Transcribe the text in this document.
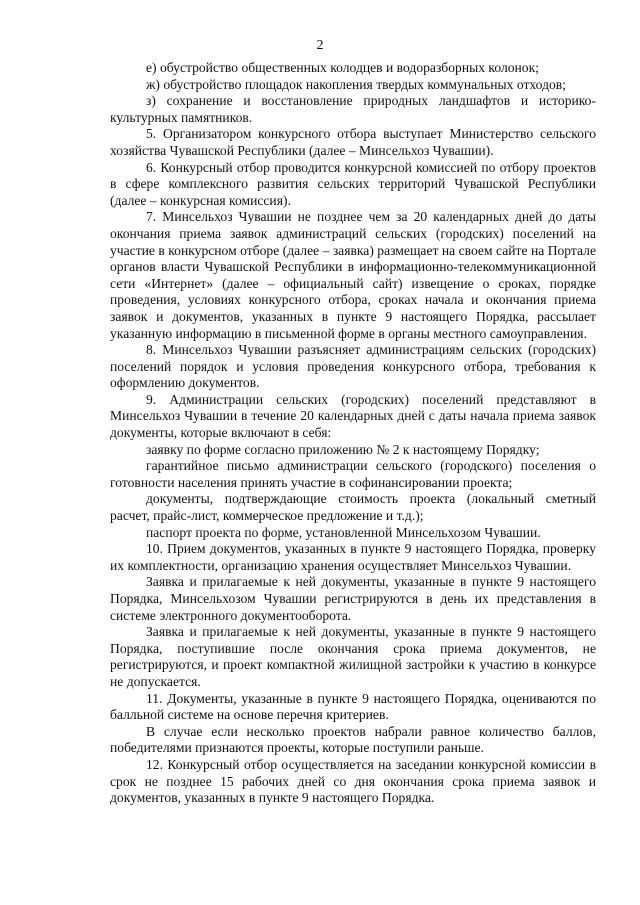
2

е) обустройство общественных колодцев и водоразборных колонок;

ж) обустройство площадок накопления твердых коммунальных отходов;

з) сохранение и восстановление природных ландшафтов и историко-культурных памятников.

5. Организатором конкурсного отбора выступает Министерство сельского хозяйства Чувашской Республики (далее – Минсельхоз Чувашии).

6. Конкурсный отбор проводится конкурсной комиссией по отбору проектов в сфере комплексного развития сельских территорий Чувашской Республики (далее – конкурсная комиссия).

7. Минсельхоз Чувашии не позднее чем за 20 календарных дней до даты окончания приема заявок администраций сельских (городских) поселений на участие в конкурсном отборе (далее – заявка) размещает на своем сайте на Портале органов власти Чувашской Республики в информационно-телекоммуникационной сети «Интернет» (далее – официальный сайт) извещение о сроках, порядке проведения, условиях конкурсного отбора, сроках начала и окончания приема заявок и документов, указанных в пункте 9 настоящего Порядка, рассылает указанную информацию в письменной форме в органы местного самоуправления.

8. Минсельхоз Чувашии разъясняет администрациям сельских (городских) поселений порядок и условия проведения конкурсного отбора, требования к оформлению документов.

9. Администрации сельских (городских) поселений представляют в Минсельхоз Чувашии в течение 20 календарных дней с даты начала приема заявок документы, которые включают в себя:

заявку по форме согласно приложению № 2 к настоящему Порядку;

гарантийное письмо администрации сельского (городского) поселения о готовности населения принять участие в софинансировании проекта;

документы, подтверждающие стоимость проекта (локальный сметный расчет, прайс-лист, коммерческое предложение и т.д.);

паспорт проекта по форме, установленной Минсельхозом Чувашии.

10. Прием документов, указанных в пункте 9 настоящего Порядка, проверку их комплектности, организацию хранения осуществляет Минсельхоз Чувашии.

Заявка и прилагаемые к ней документы, указанные в пункте 9 настоящего Порядка, Минсельхозом Чувашии регистрируются в день их представления в системе электронного документооборота.

Заявка и прилагаемые к ней документы, указанные в пункте 9 настоящего Порядка, поступившие после окончания срока приема документов, не регистрируются, и проект компактной жилищной застройки к участию в конкурсе не допускается.

11. Документы, указанные в пункте 9 настоящего Порядка, оцениваются по балльной системе на основе перечня критериев.

В случае если несколько проектов набрали равное количество баллов, победителями признаются проекты, которые поступили раньше.

12. Конкурсный отбор осуществляется на заседании конкурсной комиссии в срок не позднее 15 рабочих дней со дня окончания срока приема заявок и документов, указанных в пункте 9 настоящего Порядка.
